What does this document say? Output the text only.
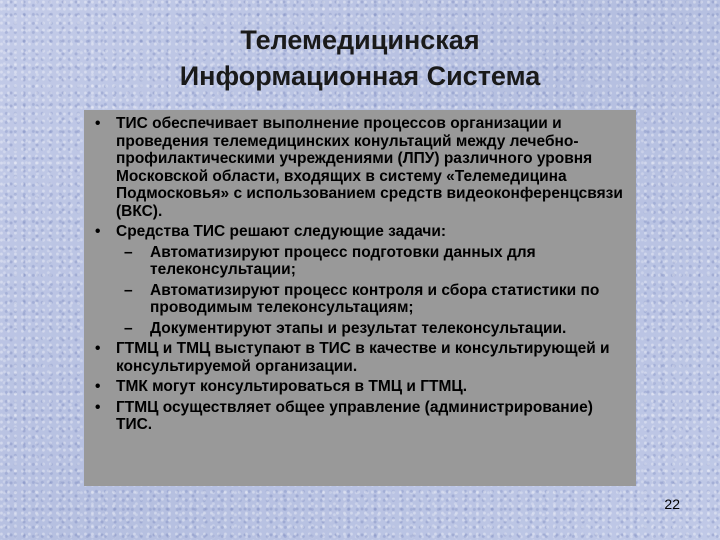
Телемедицинская
Информационная Система
• ТИС обеспечивает выполнение процессов организации и проведения телемедицинских конультаций между лечебно-профилактическими учреждениями (ЛПУ) различного уровня Московской области, входящих в систему «Телемедицина Подмосковья» с использованием средств видеоконференцсвязи (ВКС).
• Средства ТИС решают следующие задачи:
– Автоматизируют процесс подготовки данных для телеконсультации;
– Автоматизируют процесс контроля и сбора статистики по проводимым телеконсультациям;
– Документируют этапы и результат телеконсультации.
• ГТМЦ и ТМЦ выступают в ТИС в качестве и консультирующей и консультируемой организации.
• ТМК могут консультироваться в ТМЦ и ГТМЦ.
• ГТМЦ осуществляет общее управление (администрирование) ТИС.
22
